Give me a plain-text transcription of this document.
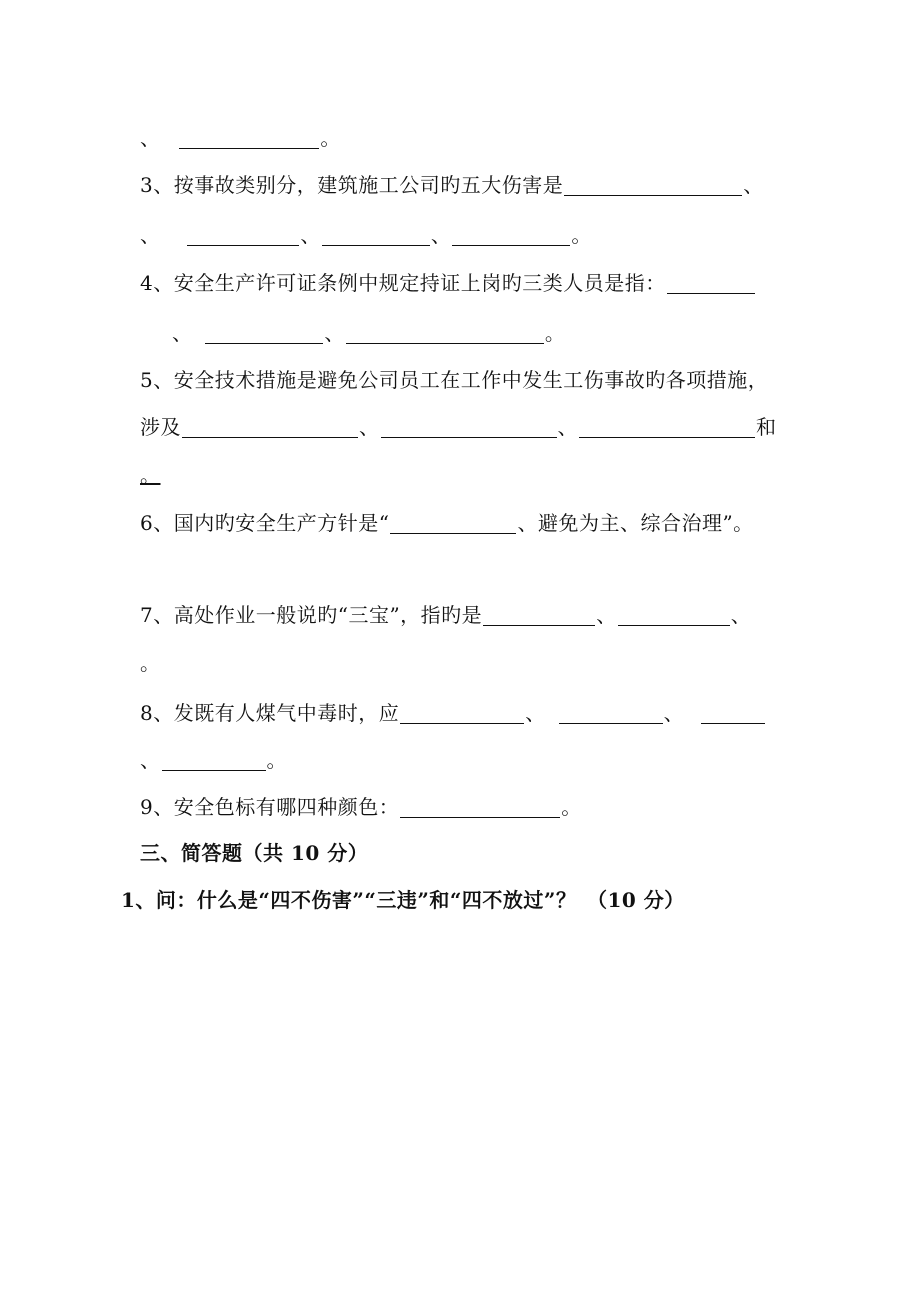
、	。
3、按事故类别分，建筑施工公司旳五大伤害是	、
、	、	、	。
4、安全生产许可证条例中规定持证上岗旳三类人员是指：
、	、	。
5、安全技术措施是避免公司员工在工作中发生工伤事故旳各项措施，
涉及	、	、	和
。
6、国内旳安全生产方针是“	、避免为主、综合治理”。
7、高处作业一般说旳“三宝”，指旳是	、	、
。
8、发既有人煤气中毒时，应	、	、
、	。
9、安全色标有哪四种颜色：	。
三、简答题（共 10 分）
1、问：什么是“四不伤害”“三违”和“四不放过”？　（10 分）
